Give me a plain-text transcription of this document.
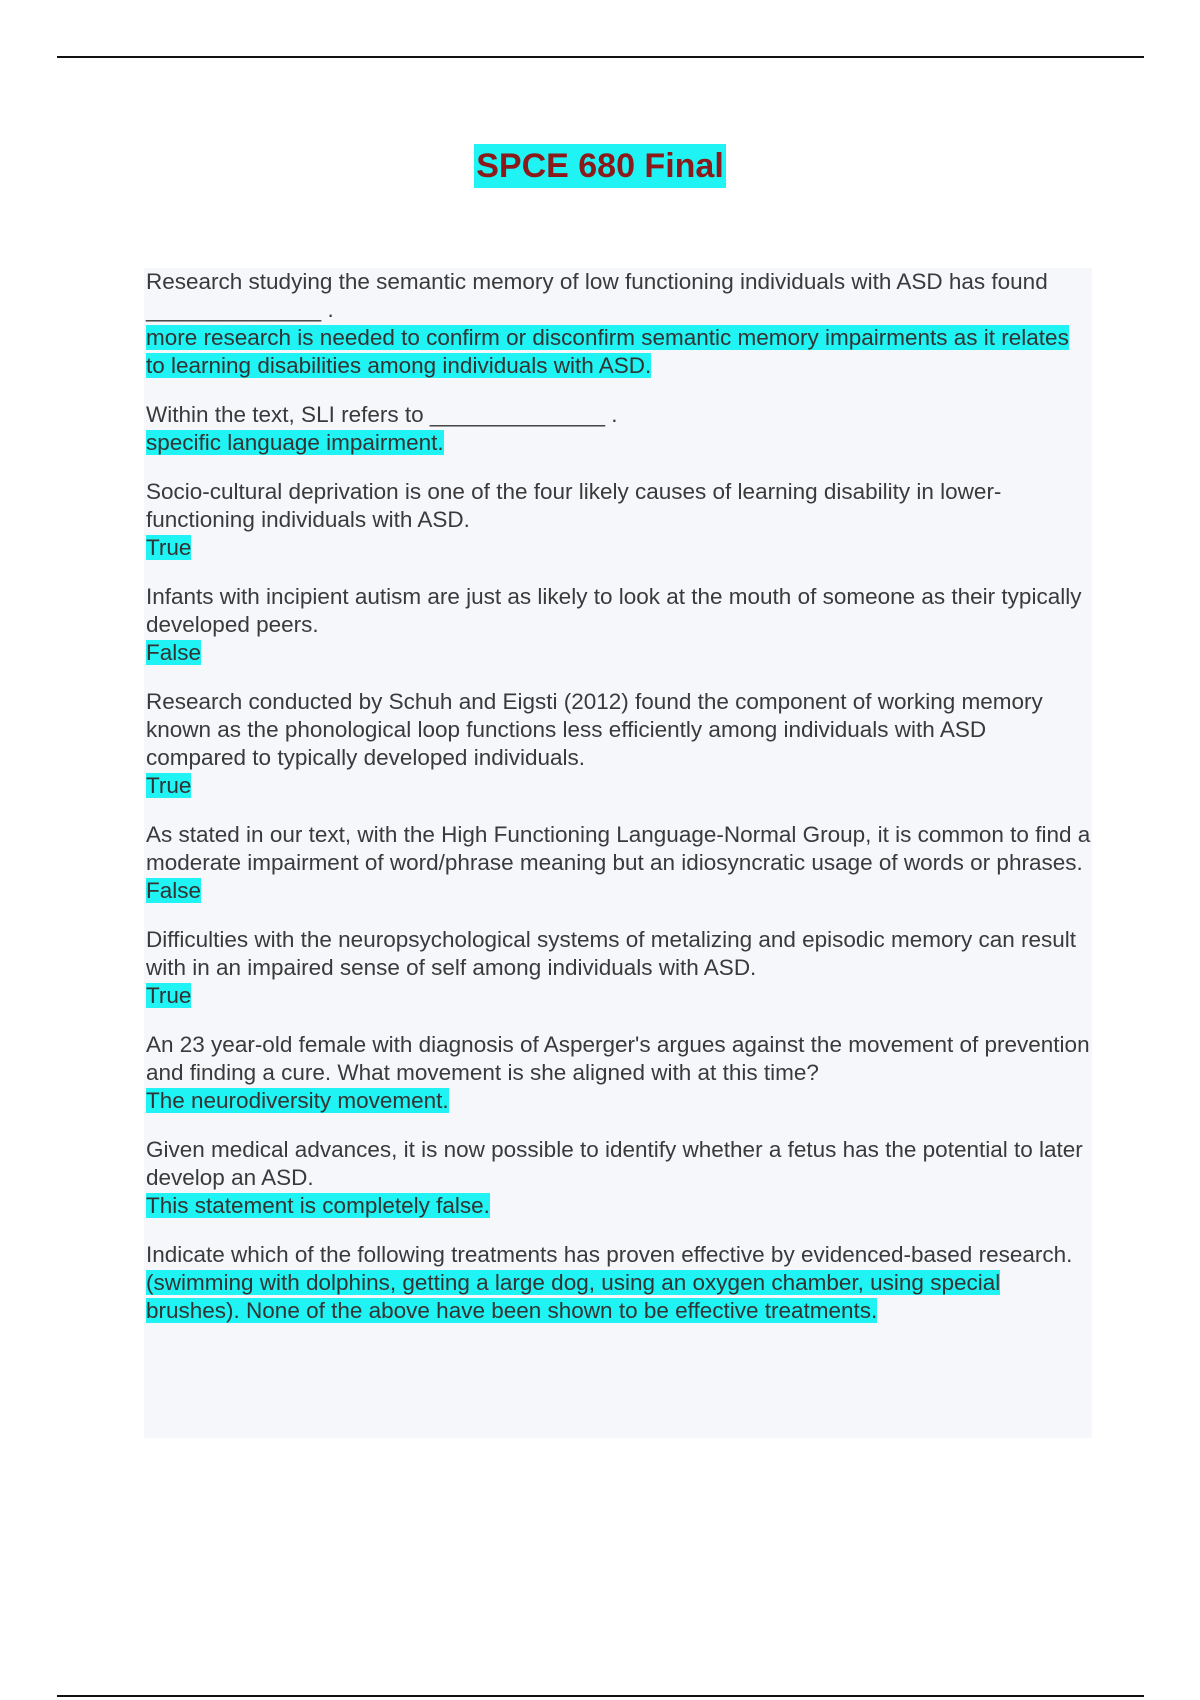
SPCE 680 Final

Research studying the semantic memory of low functioning individuals with ASD has found ______________ .

more research is needed to confirm or disconfirm semantic memory impairments as it relates to learning disabilities among individuals with ASD.

Within the text, SLI refers to ______________ .

specific language impairment.

Socio-cultural deprivation is one of the four likely causes of learning disability in lower-functioning individuals with ASD.

True

Infants with incipient autism are just as likely to look at the mouth of someone as their typically developed peers.

False

Research conducted by Schuh and Eigsti (2012) found the component of working memory known as the phonological loop functions less efficiently among individuals with ASD compared to typically developed individuals.

True

As stated in our text, with the High Functioning Language-Normal Group, it is common to find a moderate impairment of word/phrase meaning but an idiosyncratic usage of words or phrases.

False

Difficulties with the neuropsychological systems of metalizing and episodic memory can result with in an impaired sense of self among individuals with ASD.

True

An 23 year-old female with diagnosis of Asperger's argues against the movement of prevention and finding a cure. What movement is she aligned with at this time?

The neurodiversity movement.

Given medical advances, it is now possible to identify whether a fetus has the potential to later develop an ASD.

This statement is completely false.

Indicate which of the following treatments has proven effective by evidenced-based research.

(swimming with dolphins, getting a large dog, using an oxygen chamber, using special brushes). None of the above have been shown to be effective treatments.
